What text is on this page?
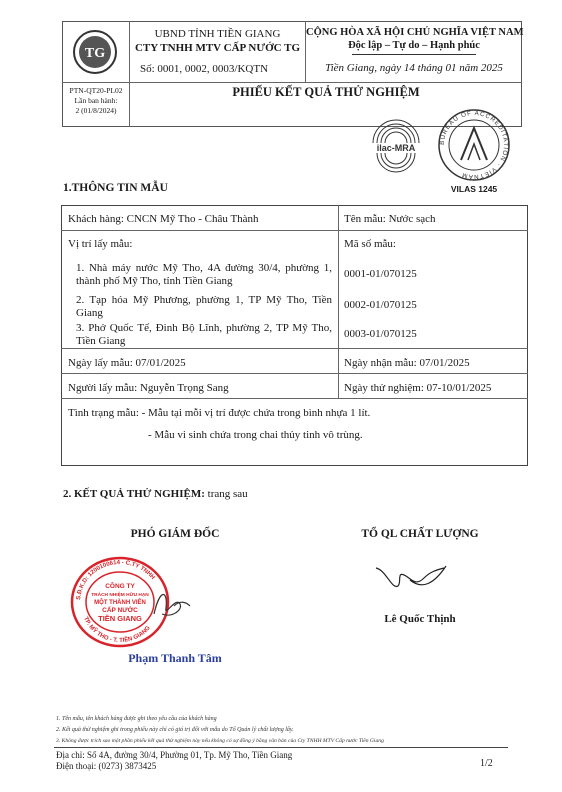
TG
PTN-QT20-PL02
Lần ban hành:
2 (01/8/2024)
UBND TỈNH TIỀN GIANG
CTY TNHH MTV CẤP NƯỚC TG
Số: 0001, 0002, 0003/KQTN
CỘNG HÒA XÃ HỘI CHỦ NGHĨA VIỆT NAM
Độc lập – Tự do – Hạnh phúc
Tiền Giang, ngày 14 tháng 01 năm 2025
PHIẾU KẾT QUẢ THỬ NGHIỆM
ilac-MRA
BUREAU OF ACCREDITATION · VIETNAM
VILAS 1245
1.THÔNG TIN MẪU
Khách hàng: CNCN Mỹ Tho - Châu Thành	Tên mẫu: Nước sạch
Vị trí lấy mẫu:	Mã số mẫu:
1. Nhà máy nước Mỹ Tho, 4A đường 30/4, phường 1, thành phố Mỹ Tho, tỉnh Tiền Giang
0001-01/070125
2. Tạp hóa Mỹ Phương, phường 1, TP Mỹ Tho, Tiền Giang
0002-01/070125
3. Phở Quốc Tế, Đinh Bộ Lĩnh, phường 2, TP Mỹ Tho, Tiền Giang
0003-01/070125
Ngày lấy mẫu: 07/01/2025	Ngày nhận mẫu: 07/01/2025
Người lấy mẫu: Nguyễn Trọng Sang	Ngày thử nghiệm: 07-10/01/2025
Tình trạng mẫu: - Mẫu tại mỗi vị trí được chứa trong bình nhựa 1 lít.
- Mẫu vi sinh chứa trong chai thủy tinh vô trùng.
2. KẾT QUẢ THỬ NGHIỆM: trang sau
PHÓ GIÁM ĐỐC	TỔ QL CHẤT LƯỢNG
S.Đ.K.D: 1200100614 - C.TY TNHH
TP. MỸ THO - T. TIỀN GIANG
CÔNG TY
TRÁCH NHIỆM HỮU HẠN
MỘT THÀNH VIÊN
CẤP NƯỚC
TIỀN GIANG
Phạm Thanh Tâm
Lê Quốc Thịnh
1. Tên mẫu, tên khách hàng được ghi theo yêu cầu của khách hàng
2. Kết quả thử nghiệm ghi trong phiếu này chỉ có giá trị đối với mẫu do Tổ Quản lý chất lượng lấy.
3. Không được trích sao một phần phiếu kết quả thử nghiệm này nếu không có sự đồng ý bằng văn bản của Cty TNHH MTV Cấp nước Tiền Giang
Địa chỉ: Số 4A, đường 30/4, Phường 01, Tp. Mỹ Tho, Tiền Giang
Điện thoại: (0273) 3873425	1/2
